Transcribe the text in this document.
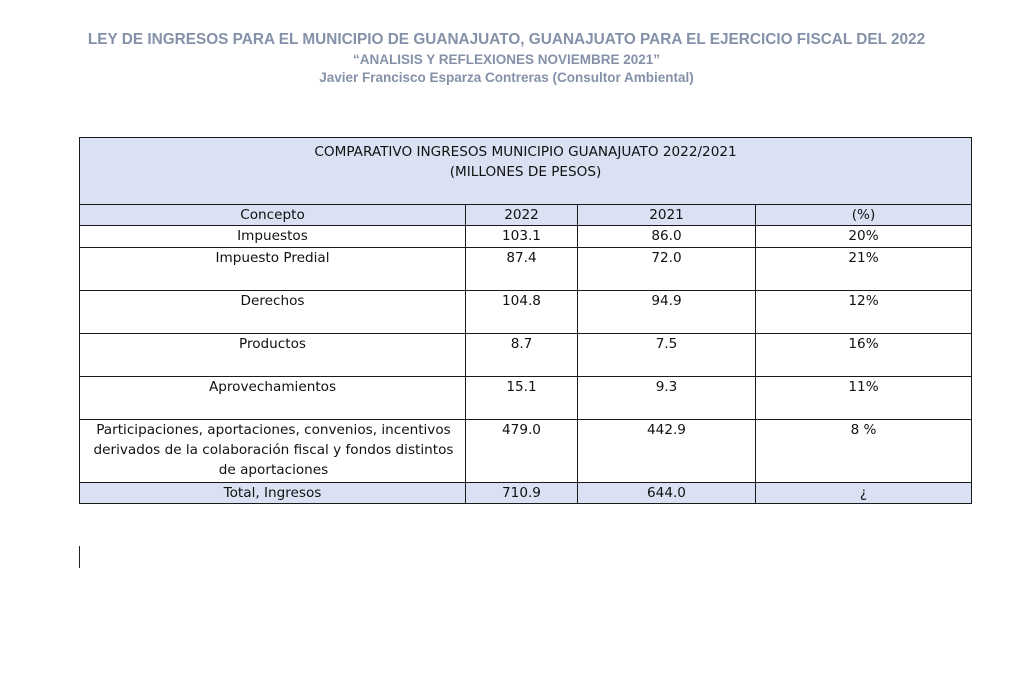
LEY DE INGRESOS PARA EL MUNICIPIO DE GUANAJUATO, GUANAJUATO PARA EL EJERCICIO FISCAL DEL 2022
“ANALISIS Y REFLEXIONES NOVIEMBRE 2021”
Javier Francisco Esparza Contreras (Consultor Ambiental)
COMPARATIVO INGRESOS MUNICIPIO GUANAJUATO 2022/2021
(MILLONES DE PESOS)			

Concepto	2022	2021	(%)
Impuestos	103.1	86.0	20%
Impuesto Predial	87.4	72.0	21%
Derechos	104.8	94.9	12%
Productos	8.7	7.5	16%
Aprovechamientos	15.1	9.3	11%
Participaciones, aportaciones, convenios, incentivos derivados de la colaboración fiscal y fondos distintos de aportaciones	479.0	442.9	8 %
Total, Ingresos	710.9	644.0	¿
